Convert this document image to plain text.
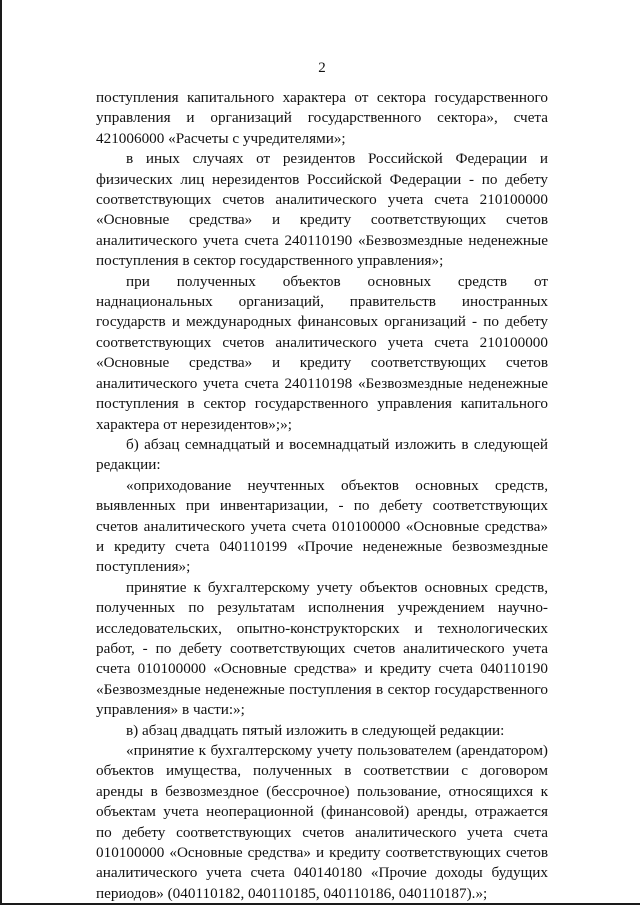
2

поступления капитального характера от сектора государственного управления и организаций государственного сектора», счета 421006000 «Расчеты с учредителями»;

в иных случаях от резидентов Российской Федерации и физических лиц нерезидентов Российской Федерации - по дебету соответствующих счетов аналитического учета счета 210100000 «Основные средства» и кредиту соответствующих счетов аналитического учета счета 240110190 «Безвозмездные неденежные поступления в сектор государственного управления»;

при полученных объектов основных средств от наднациональных организаций, правительств иностранных государств и международных финансовых организаций - по дебету соответствующих счетов аналитического учета счета 210100000 «Основные средства» и кредиту соответствующих счетов аналитического учета счета 240110198 «Безвозмездные неденежные поступления в сектор государственного управления капитального характера от нерезидентов»;»;

б) абзац семнадцатый и восемнадцатый изложить в следующей редакции:

«оприходование неучтенных объектов основных средств, выявленных при инвентаризации, - по дебету соответствующих счетов аналитического учета счета 010100000 «Основные средства» и кредиту счета 040110199 «Прочие неденежные безвозмездные поступления»;

принятие к бухгалтерскому учету объектов основных средств, полученных по результатам исполнения учреждением научно-исследовательских, опытно-конструкторских и технологических работ, - по дебету соответствующих счетов аналитического учета счета 010100000 «Основные средства» и кредиту счета 040110190 «Безвозмездные неденежные поступления в сектор государственного управления» в части:»;

в) абзац двадцать пятый изложить в следующей редакции:

«принятие к бухгалтерскому учету пользователем (арендатором) объектов имущества, полученных в соответствии с договором аренды в безвозмездное (бессрочное) пользование, относящихся к объектам учета неоперационной (финансовой) аренды, отражается по дебету соответствующих счетов аналитического учета счета 010100000 «Основные средства» и кредиту соответствующих счетов аналитического учета счета 040140180 «Прочие доходы будущих периодов» (040110182, 040110185, 040110186, 040110187).»;
